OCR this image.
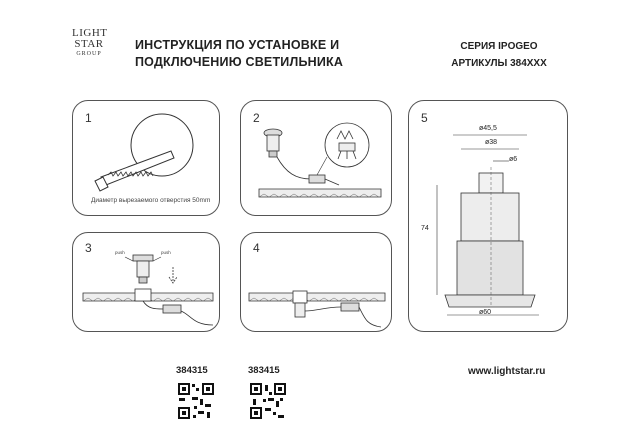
LIGHT
STAR
GROUP
ИНСТРУКЦИЯ ПО УСТАНОВКЕ И
ПОДКЛЮЧЕНИЮ СВЕТИЛЬНИКА
СЕРИЯ IPOGEO
АРТИКУЛЫ 384XXX
1
Диаметр вырезаемого отверстия 50mm
2
3	push	push	4
5
ø45,5
ø38
ø6
74
ø60
384315	383415	www.lightstar.ru
